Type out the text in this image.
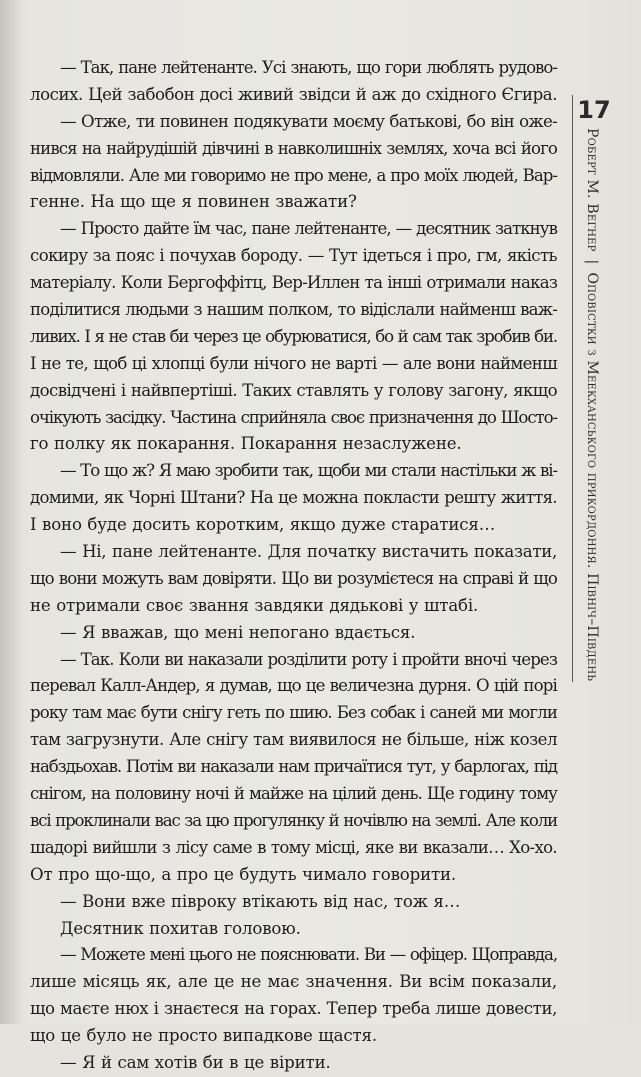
— Так, пане лейтенанте. Усі знають, що гори люблять рудово-
лосих. Цей забобон досі живий звідси й аж до східного Єгира.
— Отже, ти повинен подякувати моєму батькові, бо він оже-
нився на найрудішій дівчині в навколишніх землях, хоча всі його
відмовляли. Але ми говоримо не про мене, а про моїх людей, Вар-
генне. На що ще я повинен зважати?
— Просто дайте їм час, пане лейтенанте, — десятник заткнув
сокиру за пояс і почухав бороду. — Тут ідеться і про, гм, якість
матеріалу. Коли Бергоффітц, Вер-Иллен та інші отримали наказ
поділитися людьми з нашим полком, то відіслали найменш важ-
ливих. І я не став би через це обурюватися, бо й сам так зробив би.
І не те, щоб ці хлопці були нічого не варті — але вони найменш
досвідчені і найвпертіші. Таких ставлять у голову загону, якщо
очікують засідку. Частина сприйняла своє призначення до Шосто-
го полку як покарання. Покарання незаслужене.
— То що ж? Я маю зробити так, щоби ми стали настільки ж ві-
домими, як Чорні Штани? На це можна покласти решту життя.
І воно буде досить коротким, якщо дуже старатися…
— Ні, пане лейтенанте. Для початку вистачить показати,
що вони можуть вам довіряти. Що ви розумієтеся на справі й що
не отримали своє звання завдяки дядькові у штабі.
— Я вважав, що мені непогано вдається.
— Так. Коли ви наказали розділити роту і пройти вночі через
перевал Калл-Андер, я думав, що це величезна дурня. О цій порі
року там має бути снігу геть по шию. Без собак і саней ми могли
там загрузнути. Але снігу там виявилося не більше, ніж козел
набздьохав. Потім ви наказали нам причаїтися тут, у барлогах, під
снігом, на половину ночі й майже на цілий день. Ще годину тому
всі проклинали вас за цю прогулянку й ночівлю на землі. Але коли
шадорі вийшли з лісу саме в тому місці, яке ви вказали… Хо-хо.
От про що-що, а про це будуть чимало говорити.
— Вони вже півроку втікають від нас, тож я…
Десятник похитав головою.
— Можете мені цього не пояснювати. Ви — офіцер. Щоправда,
лише місяць як, але це не має значення. Ви всім показали,
що маєте нюх і знаєтеся на горах. Тепер треба лише довести,
що це було не просто випадкове щастя.
— Я й сам хотів би в це вірити.
17
Роберт М. Вегнер|Оповістки з Меекханського прикордоння. Північ–Південь
